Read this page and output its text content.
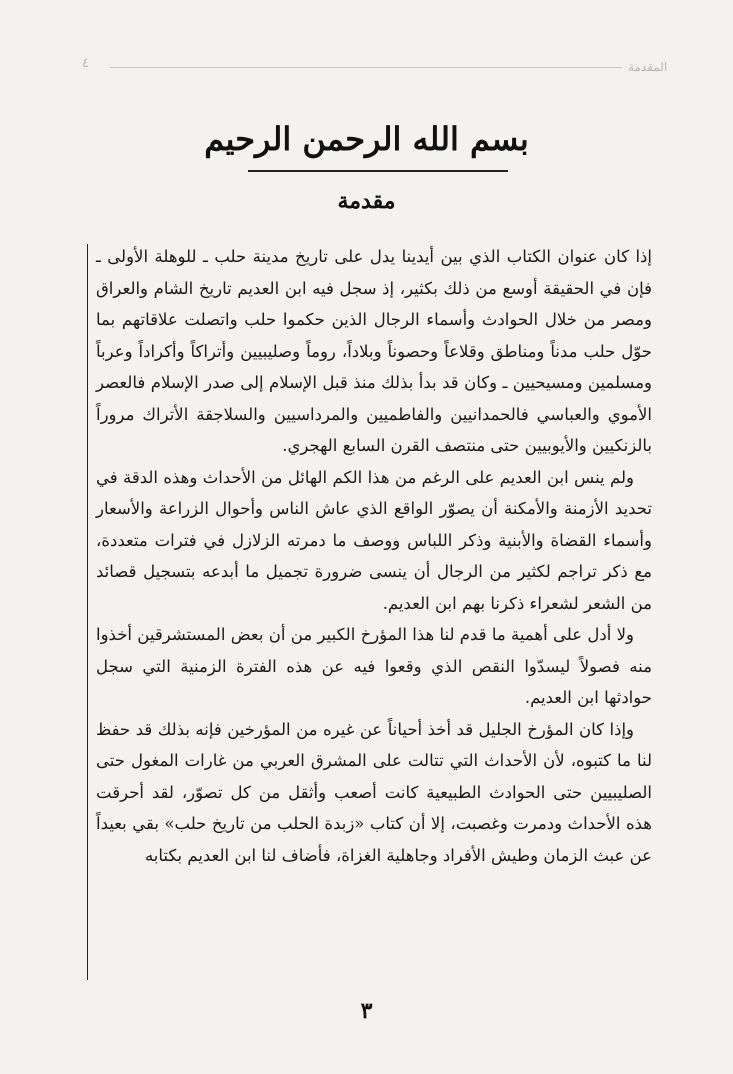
٤	المقدمة
بسم الله الرحمن الرحيم
مقدمة

إذا كان عنوان الكتاب الذي بين أيدينا يدل على تاريخ مدينة حلب ـ للوهلة الأولى ـ فإن في الحقيقة أوسع من ذلك بكثير، إذ سجل فيه ابن العديم تاريخ الشام والعراق ومصر من خلال الحوادث وأسماء الرجال الذين حكموا حلب واتصلت علاقاتهم بما حوّل حلب مدناً ومناطق وقلاعاً وحصوناً وبلاداً، روماً وصليبيين وأتراكاً وأكراداً وعرباً ومسلمين ومسيحيين ـ وكان قد بدأ بذلك منذ قبل الإسلام إلى صدر الإسلام فالعصر الأموي والعباسي فالحمدانيين والفاطميين والمرداسيين والسلاجقة الأتراك مروراً بالزنكيين والأيوبيين حتى منتصف القرن السابع الهجري.

ولم ينس ابن العديم على الرغم من هذا الكم الهائل من الأحداث وهذه الدقة في تحديد الأزمنة والأمكنة أن يصوّر الواقع الذي عاش الناس وأحوال الزراعة والأسعار وأسماء القضاة والأبنية وذكر اللباس ووصف ما دمرته الزلازل في فترات متعددة، مع ذكر تراجم لكثير من الرجال أن ينسى ضرورة تجميل ما أبدعه بتسجيل قصائد من الشعر لشعراء ذكرنا بهم ابن العديم.

ولا أدل على أهمية ما قدم لنا هذا المؤرخ الكبير من أن بعض المستشرقين أخذوا منه فصولاً ليسدّوا النقص الذي وقعوا فيه عن هذه الفترة الزمنية التي سجل حوادثها ابن العديم.

وإذا كان المؤرخ الجليل قد أخذ أحياناً عن غيره من المؤرخين فإنه بذلك قد حفظ لنا ما كتبوه، لأن الأحداث التي تتالت على المشرق العربي من غارات المغول حتى الصليبيين حتى الحوادث الطبيعية كانت أصعب وأثقل من كل تصوّر، لقد أحرقت هذه الأحداث ودمرت وغصبت، إلا أن كتاب «زبدة الحلب من تاريخ حلب» بقي بعيداً عن عبث الزمان وطيش الأفراد وجاهلية الغزاة، فأضاف لنا ابن العديم بكتابه

٣
